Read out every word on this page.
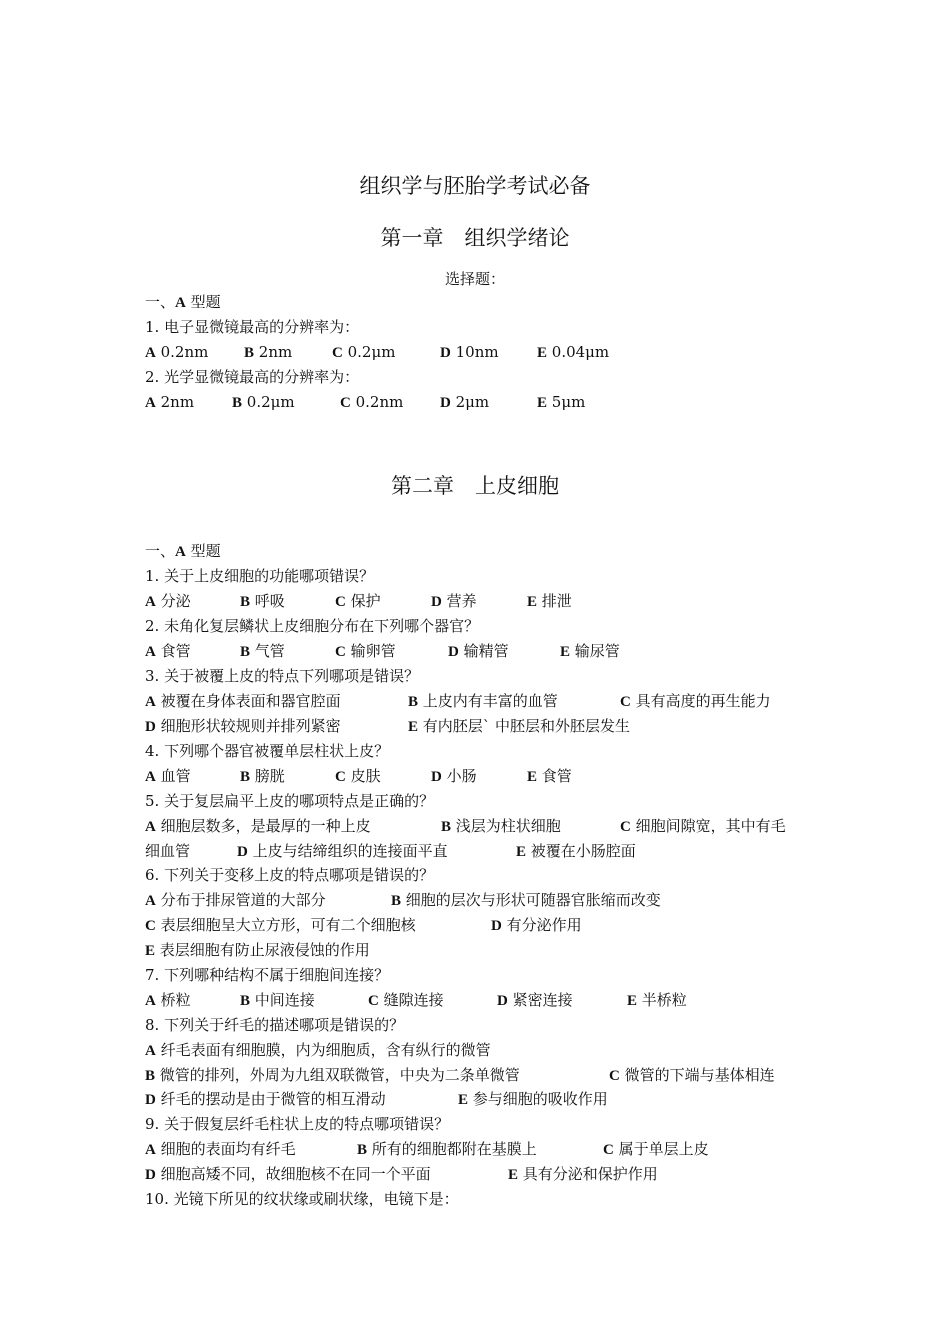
组织学与胚胎学考试必备
第一章　组织学绪论
选择题：
一、A 型题
1. 电子显微镜最高的分辨率为：
A 0.2nm B 2nm	C 0.2μm	D 10nm	E 0.04μm
2. 光学显微镜最高的分辨率为：
A 2nm	B 0.2μm	C 0.2nm D 2μm	E 5μm
第二章　上皮细胞
一、A 型题
1. 关于上皮细胞的功能哪项错误？
A 分泌	B 呼吸	C 保护	D 营养	E 排泄
2. 未角化复层鳞状上皮细胞分布在下列哪个器官？
A 食管	B 气管	C 输卵管	D 输精管	E 输尿管
3. 关于被覆上皮的特点下列哪项是错误？
A 被覆在身体表面和器官腔面	B 上皮内有丰富的血管	C 具有高度的再生能力
D 细胞形状较规则并排列紧密	E 有内胚层` 中胚层和外胚层发生
4. 下列哪个器官被覆单层柱状上皮？
A 血管	B 膀胱	C 皮肤	D 小肠	E 食管
5. 关于复层扁平上皮的哪项特点是正确的？
A 细胞层数多，是最厚的一种上皮	B 浅层为柱状细胞	C 细胞间隙宽，其中有毛
细血管	D 上皮与结缔组织的连接面平直	E 被覆在小肠腔面
6. 下列关于变移上皮的特点哪项是错误的？
A 分布于排尿管道的大部分	B 细胞的层次与形状可随器官胀缩而改变
C 表层细胞呈大立方形，可有二个细胞核	D 有分泌作用
E 表层细胞有防止尿液侵蚀的作用
7. 下列哪种结构不属于细胞间连接？
A 桥粒	B 中间连接	C 缝隙连接	D 紧密连接	E 半桥粒
8. 下列关于纤毛的描述哪项是错误的？
A 纤毛表面有细胞膜，内为细胞质，含有纵行的微管
B 微管的排列，外周为九组双联微管，中央为二条单微管	C 微管的下端与基体相连
D 纤毛的摆动是由于微管的相互滑动	E 参与细胞的吸收作用
9. 关于假复层纤毛柱状上皮的特点哪项错误？
A 细胞的表面均有纤毛	B 所有的细胞都附在基膜上	C 属于单层上皮
D 细胞高矮不同，故细胞核不在同一个平面	E 具有分泌和保护作用
10. 光镜下所见的纹状缘或刷状缘，电镜下是：
